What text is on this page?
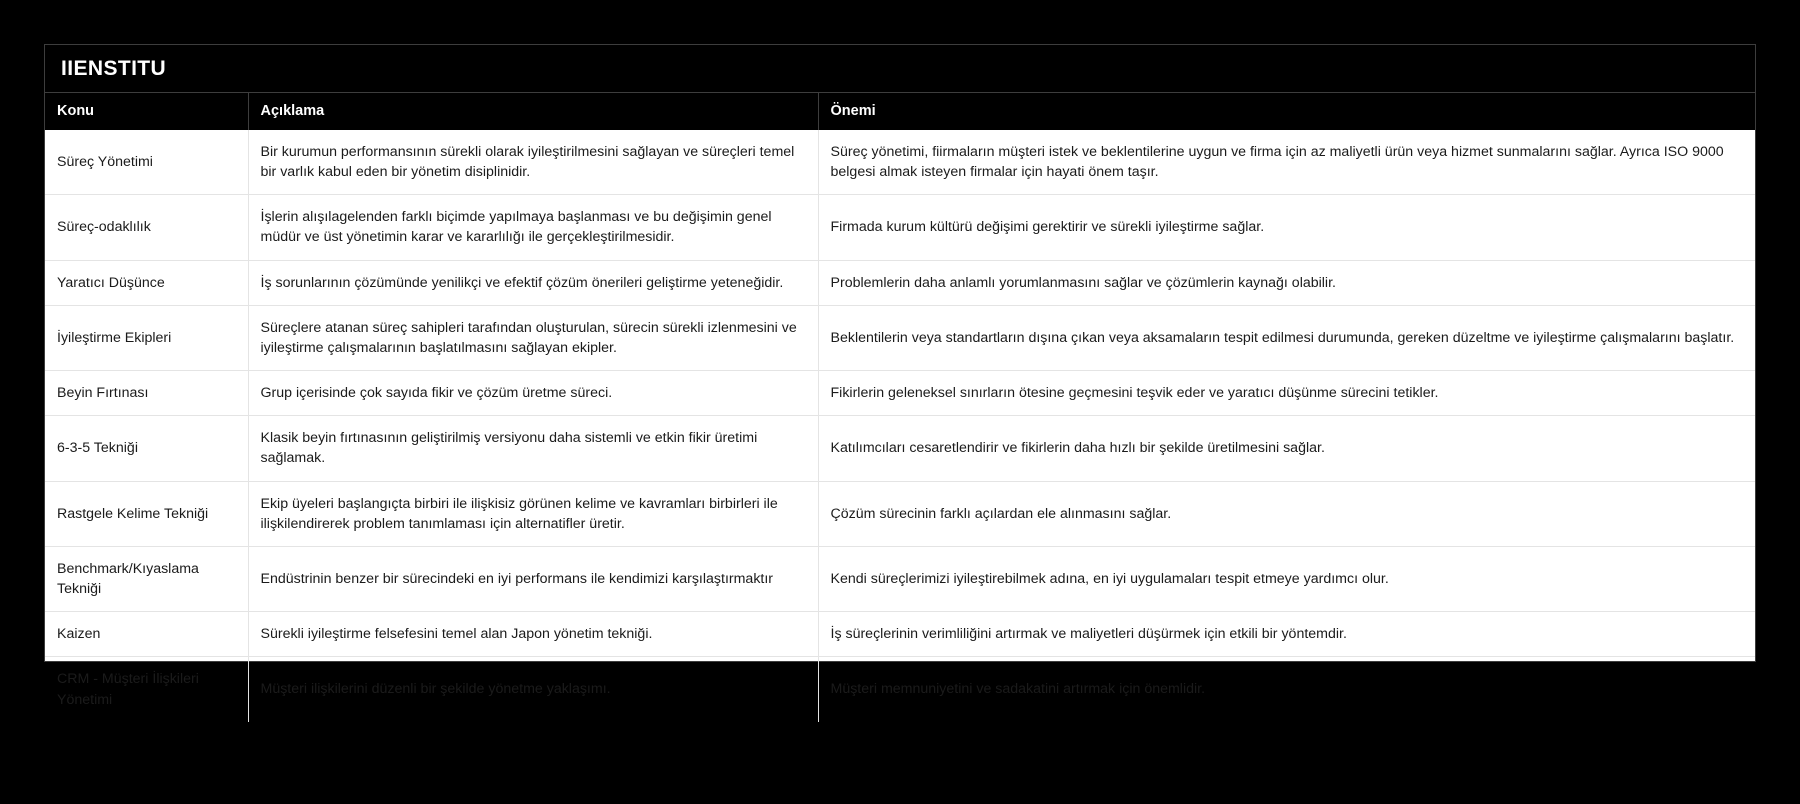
IIENSTITU
Konu	Açıklama	Önemi
Süreç Yönetimi	Bir kurumun performansının sürekli olarak iyileştirilmesini sağlayan ve süreçleri temel bir varlık kabul eden bir yönetim disiplinidir.	Süreç yönetimi, fiirmaların müşteri istek ve beklentilerine uygun ve firma için az maliyetli ürün veya hizmet sunmalarını sağlar. Ayrıca ISO 9000 belgesi almak isteyen firmalar için hayati önem taşır.
Süreç-odaklılık	İşlerin alışılagelenden farklı biçimde yapılmaya başlanması ve bu değişimin genel müdür ve üst yönetimin karar ve kararlılığı ile gerçekleştirilmesidir.	Firmada kurum kültürü değişimi gerektirir ve sürekli iyileştirme sağlar.
Yaratıcı Düşünce	İş sorunlarının çözümünde yenilikçi ve efektif çözüm önerileri geliştirme yeteneğidir.	Problemlerin daha anlamlı yorumlanmasını sağlar ve çözümlerin kaynağı olabilir.
İyileştirme Ekipleri	Süreçlere atanan süreç sahipleri tarafından oluşturulan, sürecin sürekli izlenmesini ve iyileştirme çalışmalarının başlatılmasını sağlayan ekipler.	Beklentilerin veya standartların dışına çıkan veya aksamaların tespit edilmesi durumunda, gereken düzeltme ve iyileştirme çalışmalarını başlatır.
Beyin Fırtınası	Grup içerisinde çok sayıda fikir ve çözüm üretme süreci.	Fikirlerin geleneksel sınırların ötesine geçmesini teşvik eder ve yaratıcı düşünme sürecini tetikler.
6-3-5 Tekniği	Klasik beyin fırtınasının geliştirilmiş versiyonu daha sistemli ve etkin fikir üretimi sağlamak.	Katılımcıları cesaretlendirir ve fikirlerin daha hızlı bir şekilde üretilmesini sağlar.
Rastgele Kelime Tekniği	Ekip üyeleri başlangıçta birbiri ile ilişkisiz görünen kelime ve kavramları birbirleri ile ilişkilendirerek problem tanımlaması için alternatifler üretir.	Çözüm sürecinin farklı açılardan ele alınmasını sağlar.
Benchmark/Kıyaslama Tekniği	Endüstrinin benzer bir sürecindeki en iyi performans ile kendimizi karşılaştırmaktır	Kendi süreçlerimizi iyileştirebilmek adına, en iyi uygulamaları tespit etmeye yardımcı olur.
Kaizen	Sürekli iyileştirme felsefesini temel alan Japon yönetim tekniği.	İş süreçlerinin verimliliğini artırmak ve maliyetleri düşürmek için etkili bir yöntemdir.
CRM - Müşteri İlişkileri Yönetimi	Müşteri ilişkilerini düzenli bir şekilde yönetme yaklaşımı.	Müşteri memnuniyetini ve sadakatini artırmak için önemlidir.
